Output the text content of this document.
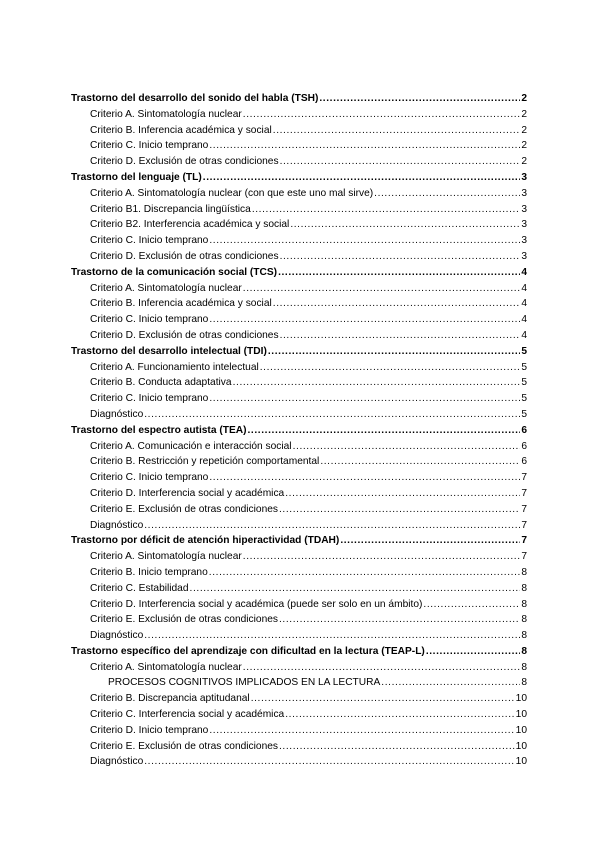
Trastorno del desarrollo del sonido del habla (TSH) .....	2
Criterio A. Sintomatología nuclear .....	2
Criterio B. Inferencia académica y social .....	2
Criterio C. Inicio temprano .....	2
Criterio D. Exclusión de otras condiciones .....	2
Trastorno del lenguaje (TL) .....	3
Criterio A. Sintomatología nuclear (con que este uno mal sirve) .....	3
Criterio B1. Discrepancia lingüística .....	3
Criterio B2. Interferencia académica y social .....	3
Criterio C. Inicio temprano .....	3
Criterio D. Exclusión de otras condiciones .....	3
Trastorno de la comunicación social (TCS) .....	4
Criterio A. Sintomatología nuclear .....	4
Criterio B. Inferencia académica y social .....	4
Criterio C. Inicio temprano .....	4
Criterio D. Exclusión de otras condiciones .....	4
Trastorno del desarrollo intelectual (TDI) .....	5
Criterio A. Funcionamiento intelectual .....	5
Criterio B. Conducta adaptativa .....	5
Criterio C. Inicio temprano .....	5
Diagnóstico .....	5
Trastorno del espectro autista (TEA) .....	6
Criterio A. Comunicación e interacción social .....	6
Criterio B. Restricción y repetición comportamental .....	6
Criterio C. Inicio temprano .....	7
Criterio D. Interferencia social y académica .....	7
Criterio E. Exclusión de otras condiciones .....	7
Diagnóstico .....	7
Trastorno por déficit de atención hiperactividad (TDAH) .....	7
Criterio A. Sintomatología nuclear .....	7
Criterio B. Inicio temprano .....	8
Criterio C. Estabilidad .....	8
Criterio D. Interferencia social y académica (puede ser solo en un ámbito) .....	8
Criterio E. Exclusión de otras condiciones .....	8
Diagnóstico .....	8
Trastorno específico del aprendizaje con dificultad en la lectura (TEAP-L) .....	8
Criterio A. Sintomatología nuclear .....	8
PROCESOS COGNITIVOS IMPLICADOS EN LA LECTURA .....	8
Criterio B. Discrepancia aptitudanal .....	10
Criterio C. Interferencia social y académica .....	10
Criterio D. Inicio temprano .....	10
Criterio E. Exclusión de otras condiciones .....	10
Diagnóstico .....	10
